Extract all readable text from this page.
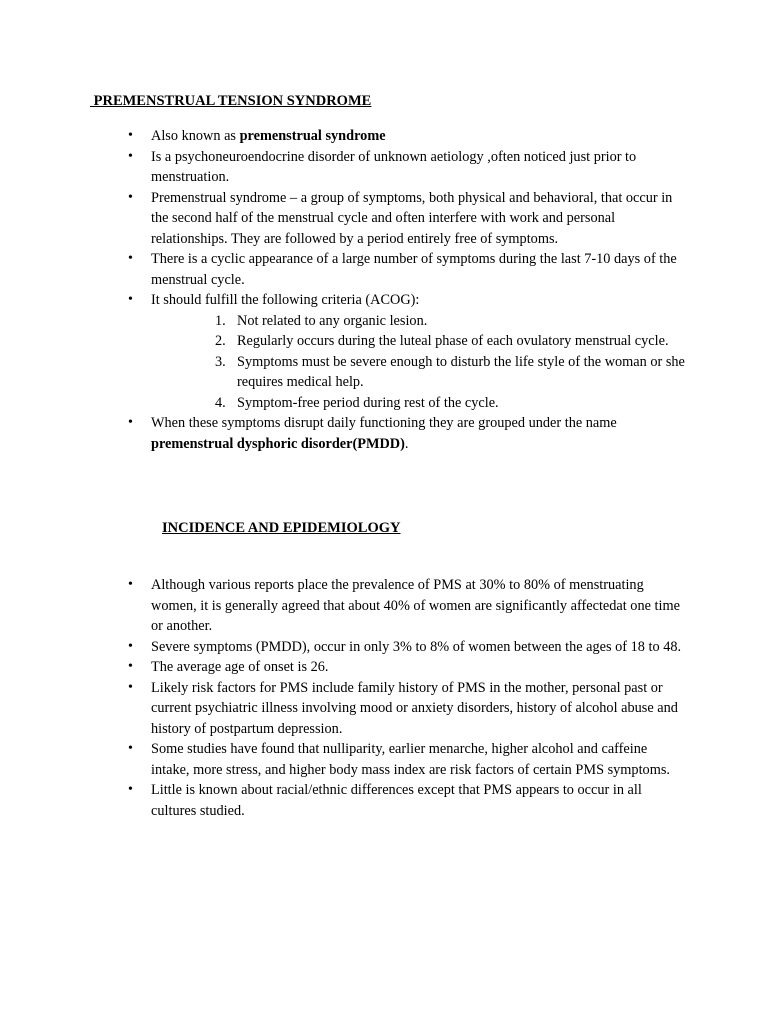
PREMENSTRUAL TENSION SYNDROME
• Also known as premenstrual syndrome
• Is a psychoneuroendocrine disorder of unknown aetiology ,often noticed just prior to menstruation.
• Premenstrual syndrome – a group of symptoms, both physical and behavioral, that occur in the second half of the menstrual cycle and often interfere with work and personal relationships. They are followed by a period entirely free of symptoms.
• There is a cyclic appearance of a large number of symptoms during the last 7-10 days of the menstrual cycle.
• It should fulfill the following criteria (ACOG):
1. Not related to any organic lesion.
2. Regularly occurs during the luteal phase of each ovulatory menstrual cycle.
3. Symptoms must be severe enough to disturb the life style of the woman or she requires medical help.
4. Symptom-free period during rest of the cycle.
• When these symptoms disrupt daily functioning they are grouped under the name premenstrual dysphoric disorder(PMDD).
INCIDENCE AND EPIDEMIOLOGY
• Although various reports place the prevalence of PMS at 30% to 80% of menstruating women, it is generally agreed that about 40% of women are significantly affectedat one time or another.
• Severe symptoms (PMDD), occur in only 3% to 8% of women between the ages of 18 to 48.
• The average age of onset is 26.
• Likely risk factors for PMS include family history of PMS in the mother, personal past or current psychiatric illness involving mood or anxiety disorders, history of alcohol abuse and history of postpartum depression.
• Some studies have found that nulliparity, earlier menarche, higher alcohol and caffeine intake, more stress, and higher body mass index are risk factors of certain PMS symptoms.
• Little is known about racial/ethnic differences except that PMS appears to occur in all cultures studied.
